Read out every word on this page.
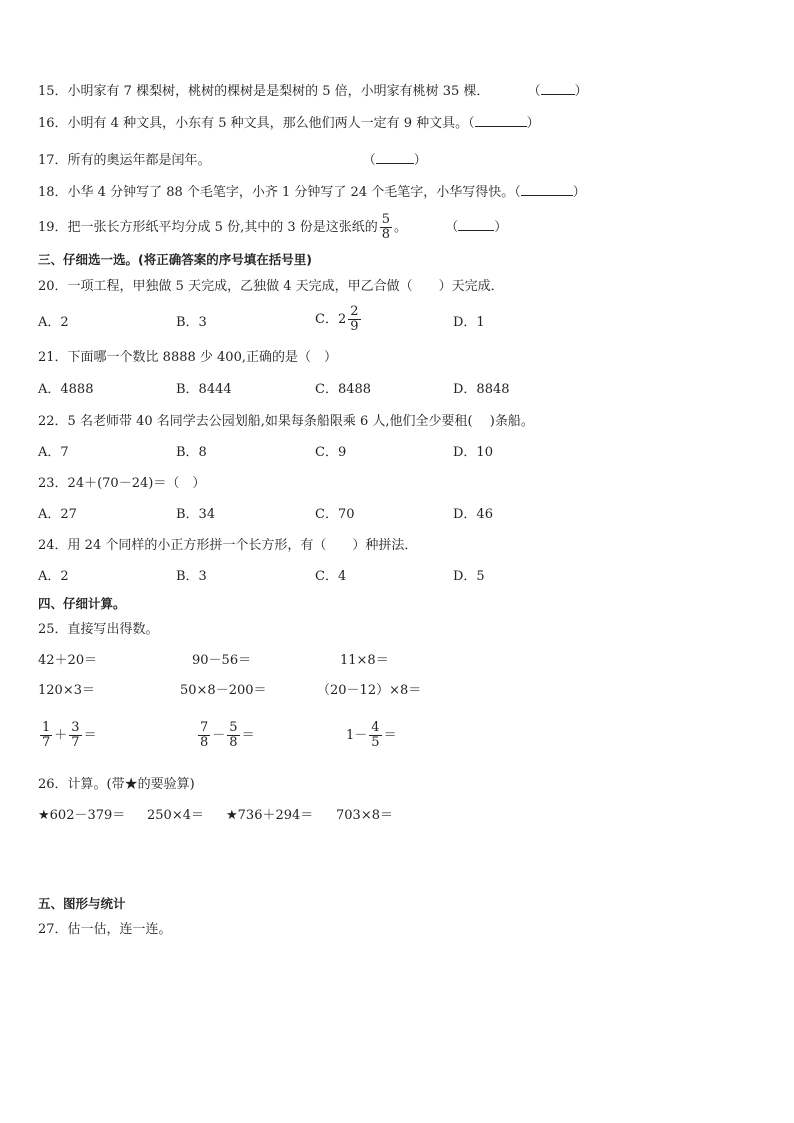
15．小明家有 7 棵梨树，桃树的棵树是是梨树的 5 倍，小明家有桃树 35 棵．	（	）
16．小明有 4 种文具，小东有 5 种文具，那么他们两人一定有 9 种文具。（	）
17．所有的奥运年都是闰年。	（	）
18．小华 4 分钟写了 88 个毛笔字，小齐 1 分钟写了 24 个毛笔字，小华写得快。（	）
19．把一张长方形纸平均分成 5 份,其中的 3 份是这张纸的 $\frac{5}{8}$ 。	（	）
三、仔细选一选。(将正确答案的序号填在括号里)
20．一项工程，甲独做 5 天完成，乙独做 4 天完成，甲乙合做（　　）天完成．
A．2	B．3	C．$2 \frac{2}{9}$	D．1
21．下面哪一个数比 8888 少 400,正确的是（　）
A．4888	B．8444	C．8488	D．8848
22．5 名老师带 40 名同学去公园划船,如果每条船限乘 6 人,他们全少要租(　 )条船。
A．7	B．8	C．9	D．10
23．24＋(70－24)＝（　）
A．27	B．34	C．70	D．46
24．用 24 个同样的小正方形拼一个长方形，有（　　）种拼法．
A．2	B．3	C．4	D．5
四、仔细计算。
25．直接写出得数。
42＋20＝	90－56＝	11×8＝
120×3＝	50×8－200＝	（20－12）×8＝
$\frac{1}{7} + \frac{3}{7}$ ＝	$\frac{7}{8} - \frac{5}{8}$ ＝	$1- \frac{4}{5}$ ＝
26．计算。(带★的要验算)
★602－379＝ 250×4＝ ★736＋294＝ 703×8＝
五、图形与统计
27．估一估，连一连。
